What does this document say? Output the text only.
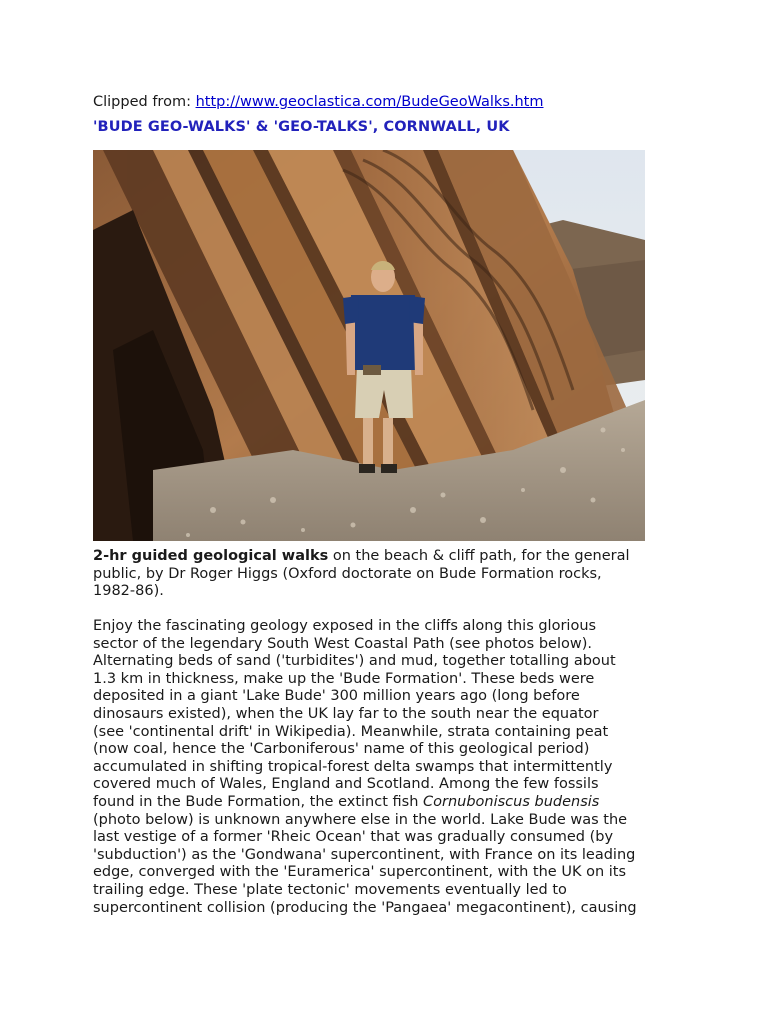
Clipped from: http://www.geoclastica.com/BudeGeoWalks.htm
'BUDE GEO-WALKS' & 'GEO-TALKS', CORNWALL, UK
2-hr guided geological walks on the beach & cliff path, for the general
public, by Dr Roger Higgs (Oxford doctorate on Bude Formation rocks,
1982-86).
Enjoy the fascinating geology exposed in the cliffs along this glorious
sector of the legendary South West Coastal Path (see photos below).
Alternating beds of sand ('turbidites') and mud, together totalling about
1.3 km in thickness, make up the 'Bude Formation'. These beds were
deposited in a giant 'Lake Bude' 300 million years ago (long before
dinosaurs existed), when the UK lay far to the south near the equator
(see 'continental drift' in Wikipedia). Meanwhile, strata containing peat
(now coal, hence the 'Carboniferous' name of this geological period)
accumulated in shifting tropical-forest delta swamps that intermittently
covered much of Wales, England and Scotland. Among the few fossils
found in the Bude Formation, the extinct fish Cornuboniscus budensis
(photo below) is unknown anywhere else in the world. Lake Bude was the
last vestige of a former 'Rheic Ocean' that was gradually consumed (by
'subduction') as the 'Gondwana' supercontinent, with France on its leading
edge, converged with the 'Euramerica' supercontinent, with the UK on its
trailing edge. These 'plate tectonic' movements eventually led to
supercontinent collision (producing the 'Pangaea' megacontinent), causing
